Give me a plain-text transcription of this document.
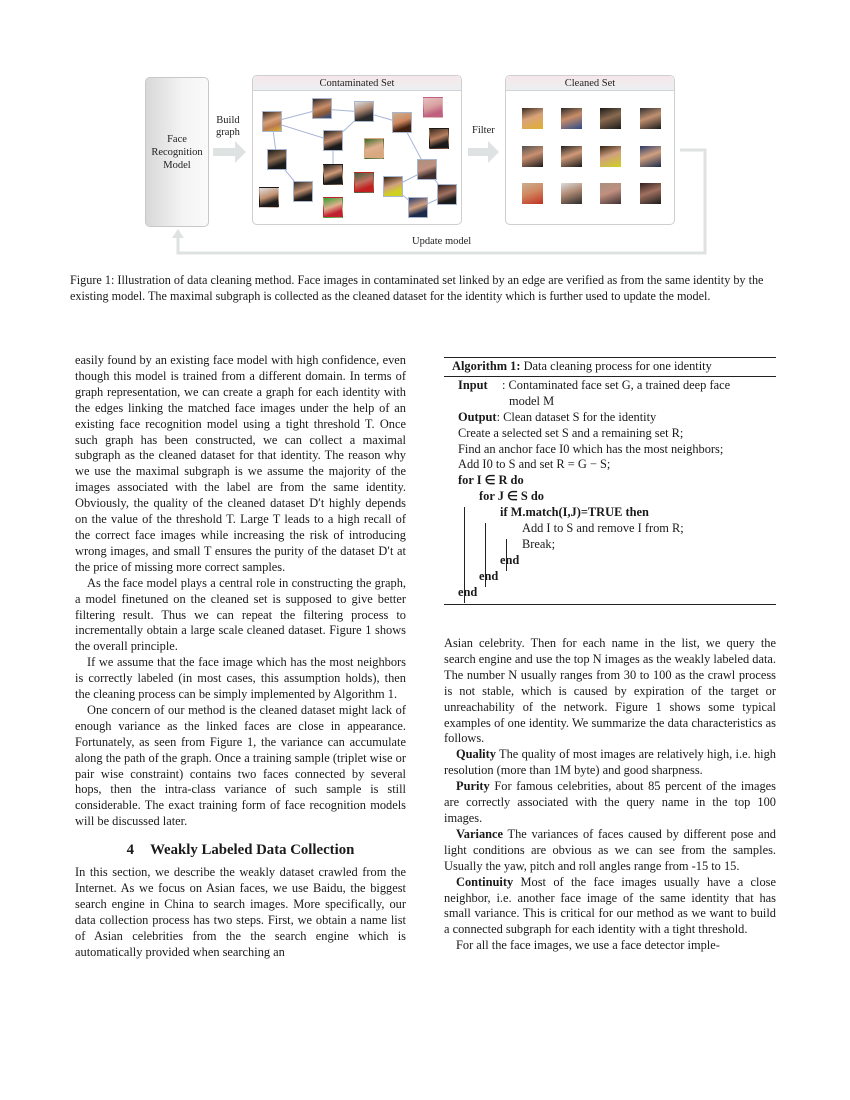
Face
Recognition
Model
Build
graph	Filter
Update model
Contaminated Set	Cleaned Set
Figure 1: Illustration of data cleaning method. Face images in contaminated set linked by an edge are verified as from the same identity by the existing model. The maximal subgraph is collected as the cleaned dataset for the identity which is further used to update the model.

easily found by an existing face model with high confidence, even though this model is trained from a different domain. In terms of graph representation, we can create a graph for each identity with the edges linking the matched face images under the help of an existing face recognition model using a tight threshold T. Once such graph has been constructed, we can collect a maximal subgraph as the cleaned dataset for that identity. The reason why we use the maximal subgraph is we assume the majority of the images associated with the label are from the same identity. Obviously, the quality of the cleaned dataset D′t highly depends on the value of the threshold T. Large T leads to a high recall of the correct face images while increasing the risk of introducing wrong images, and small T ensures the purity of the dataset D′t at the price of missing more correct samples.

As the face model plays a central role in constructing the graph, a model finetuned on the cleaned set is supposed to give better filtering result. Thus we can repeat the filtering process to incrementally obtain a large scale cleaned dataset. Figure 1 shows the overall principle.

If we assume that the face image which has the most neighbors is correctly labeled (in most cases, this assumption holds), then the cleaning process can be simply implemented by Algorithm 1.

One concern of our method is the cleaned dataset might lack of enough variance as the linked faces are close in appearance. Fortunately, as seen from Figure 1, the variance can accumulate along the path of the graph. Once a training sample (triplet wise or pair wise constraint) contains two faces connected by several hops, then the intra-class variance of such sample is still considerable. The exact training form of face recognition models will be discussed later.

4 Weakly Labeled Data Collection

In this section, we describe the weakly dataset crawled from the Internet. As we focus on Asian faces, we use Baidu, the biggest search engine in China to search images. More specifically, our data collection process has two steps. First, we obtain a name list of Asian celebrities from the the search engine which is automatically provided when searching an

Algorithm 1: Data cleaning process for one identity
Input : Contaminated face set G, a trained deep face
model M
Output: Clean dataset S for the identity
Create a selected set S and a remaining set R;
Find an anchor face I0 which has the most neighbors;
Add I0 to S and set R = G − S;
for I ∈ R do
for J ∈ S do
if M.match(I,J)=TRUE then
Add I to S and remove I from R;
Break;
end
end
end

Asian celebrity. Then for each name in the list, we query the search engine and use the top N images as the weakly labeled data. The number N usually ranges from 30 to 100 as the crawl process is not stable, which is caused by expiration of the target or unreachability of the network. Figure 1 shows some typical examples of one identity. We summarize the data characteristics as follows.

Quality The quality of most images are relatively high, i.e. high resolution (more than 1M byte) and good sharpness.

Purity For famous celebrities, about 85 percent of the images are correctly associated with the query name in the top 100 images.

Variance The variances of faces caused by different pose and light conditions are obvious as we can see from the samples. Usually the yaw, pitch and roll angles range from -15 to 15.

Continuity Most of the face images usually have a close neighbor, i.e. another face image of the same identity that has small variance. This is critical for our method as we want to build a connected subgraph for each identity with a tight threshold.

For all the face images, we use a face detector imple-
